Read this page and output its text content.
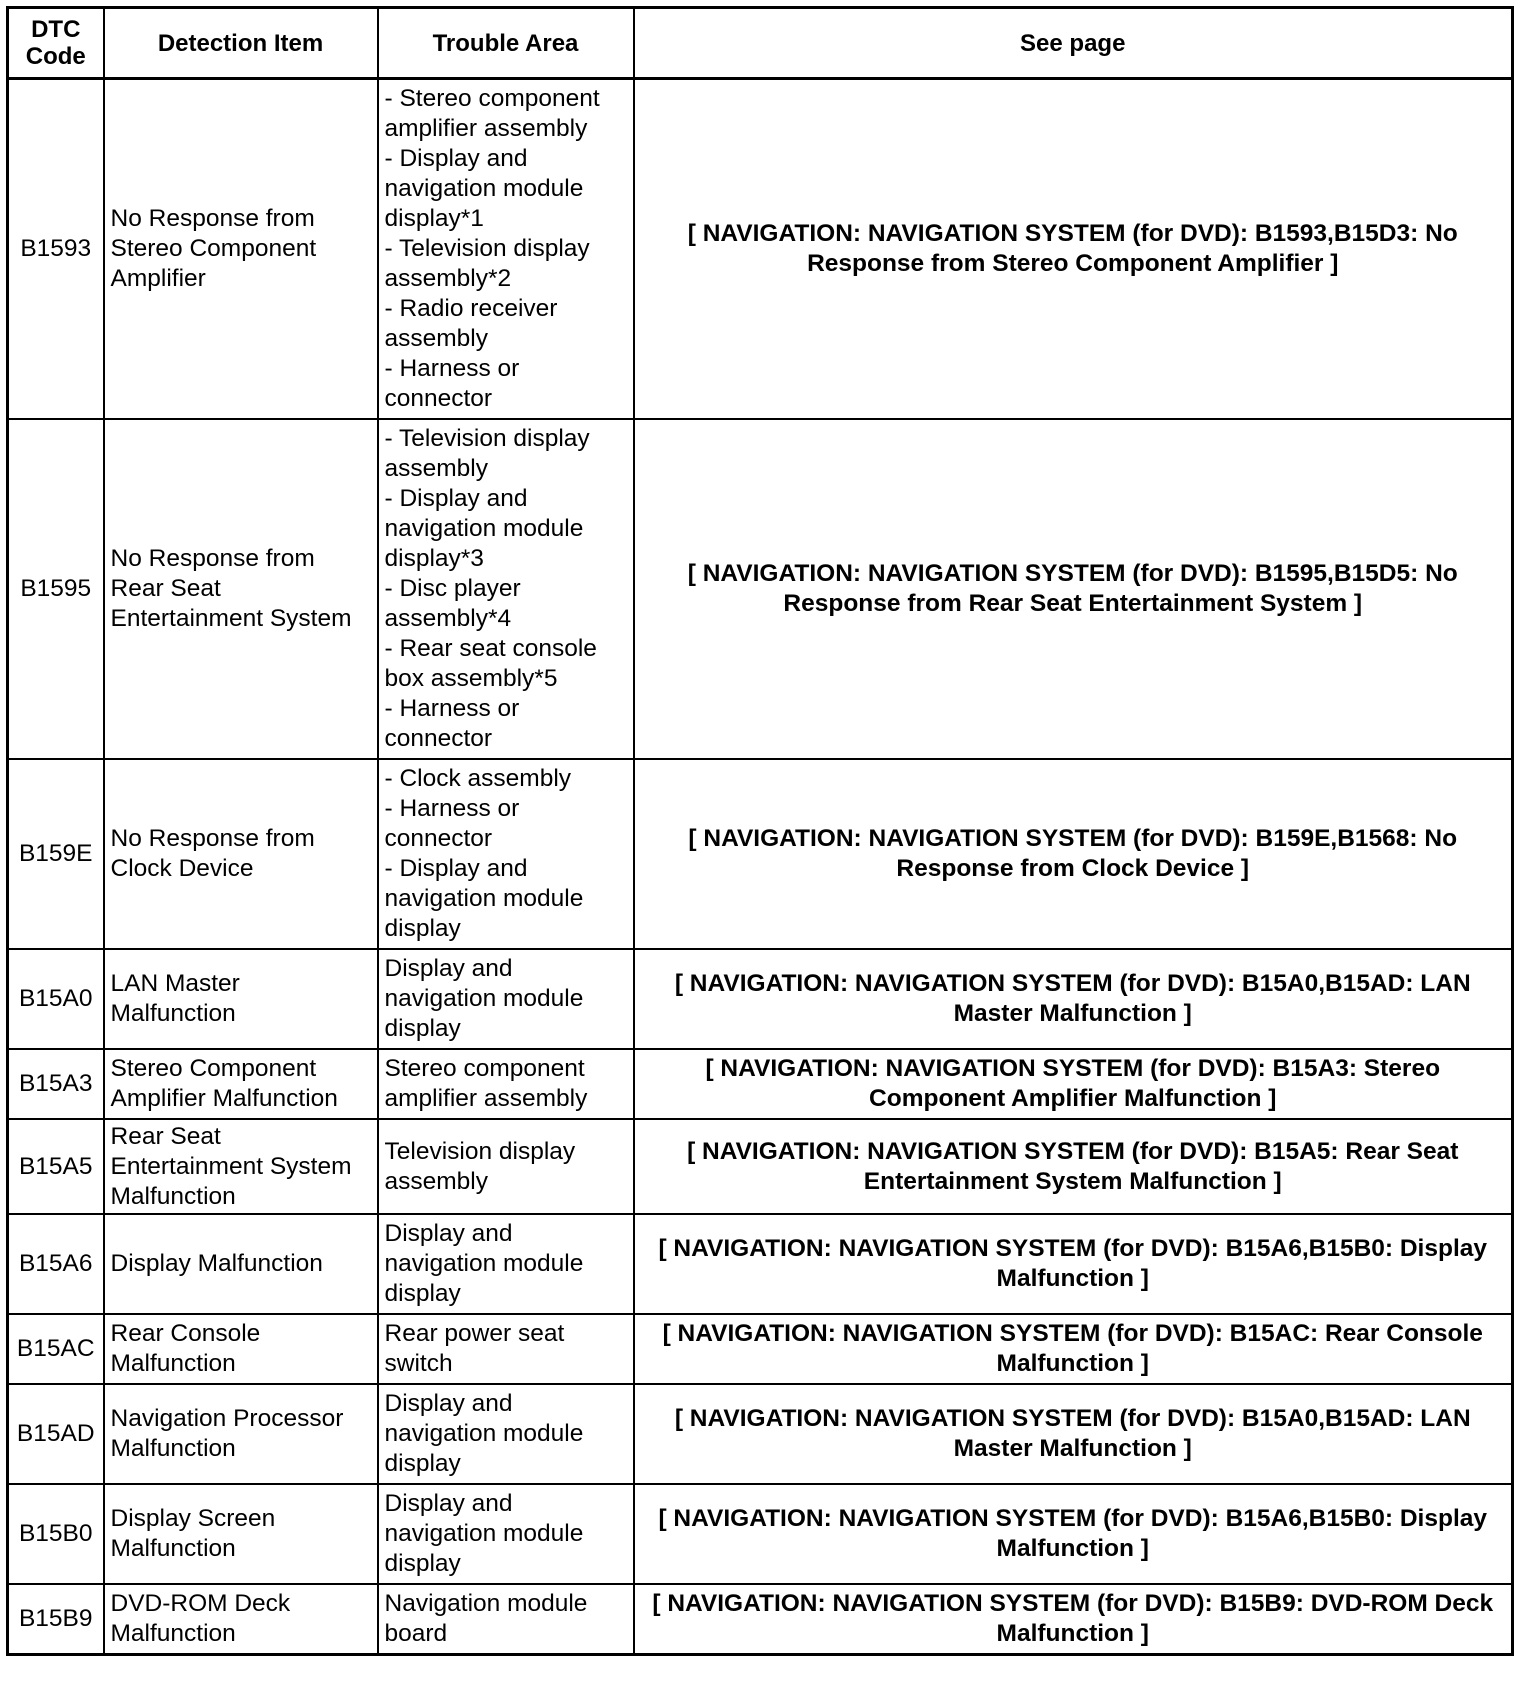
DTC Code	Detection Item	Trouble Area	See page
B1593	No Response from Stereo Component Amplifier	- Stereo component amplifier assembly
- Display and navigation module display*1
- Television display assembly*2
- Radio receiver assembly
- Harness or connector	[ NAVIGATION: NAVIGATION SYSTEM (for DVD): B1593,B15D3: No Response from Stereo Component Amplifier ]
B1595	No Response from Rear Seat Entertainment System	- Television display assembly
- Display and navigation module display*3
- Disc player assembly*4
- Rear seat console box assembly*5
- Harness or connector	[ NAVIGATION: NAVIGATION SYSTEM (for DVD): B1595,B15D5: No Response from Rear Seat Entertainment System ]
B159E	No Response from Clock Device	- Clock assembly
- Harness or connector
- Display and navigation module display	[ NAVIGATION: NAVIGATION SYSTEM (for DVD): B159E,B1568: No Response from Clock Device ]
B15A0	LAN Master Malfunction	Display and navigation module display	[ NAVIGATION: NAVIGATION SYSTEM (for DVD): B15A0,B15AD: LAN Master Malfunction ]
B15A3	Stereo Component Amplifier Malfunction	Stereo component amplifier assembly	[ NAVIGATION: NAVIGATION SYSTEM (for DVD): B15A3: Stereo Component Amplifier Malfunction ]
B15A5	Rear Seat Entertainment System Malfunction	Television display assembly	[ NAVIGATION: NAVIGATION SYSTEM (for DVD): B15A5: Rear Seat Entertainment System Malfunction ]
B15A6	Display Malfunction	Display and navigation module display	[ NAVIGATION: NAVIGATION SYSTEM (for DVD): B15A6,B15B0: Display Malfunction ]
B15AC	Rear Console Malfunction	Rear power seat switch	[ NAVIGATION: NAVIGATION SYSTEM (for DVD): B15AC: Rear Console Malfunction ]
B15AD	Navigation Processor Malfunction	Display and navigation module display	[ NAVIGATION: NAVIGATION SYSTEM (for DVD): B15A0,B15AD: LAN Master Malfunction ]
B15B0	Display Screen Malfunction	Display and navigation module display	[ NAVIGATION: NAVIGATION SYSTEM (for DVD): B15A6,B15B0: Display Malfunction ]
B15B9	DVD-ROM Deck Malfunction	Navigation module board	[ NAVIGATION: NAVIGATION SYSTEM (for DVD): B15B9: DVD-ROM Deck Malfunction ]
